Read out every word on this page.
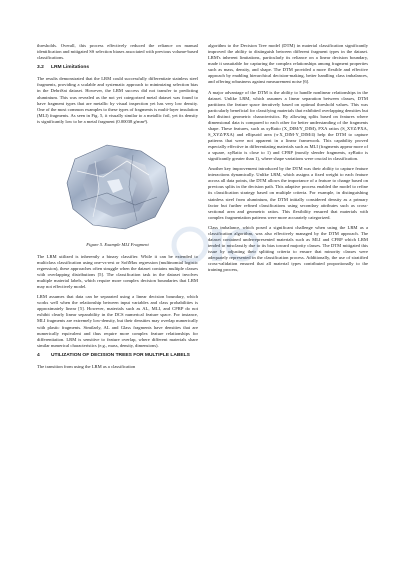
thresholds. Overall, this process effectively reduced the reliance on manual identification and mitigated SS selection biases associated with previous volume-based classifications.

3.2 LRM Limitations

The results demonstrated that the LRM could successfully differentiate stainless steel fragments, providing a scalable and systematic approach to minimizing selection bias in the DebriSat dataset. However, the LRM success did not transfer to predicting aluminium. This was revealed as the not yet categorized metal dataset was found to have fragment types that are metallic by visual inspection yet has very low density. One of the most common examples to these types of fragments is multi-layer insulation (MLI) fragments. As seen in Fig. 5, it visually similar to a metallic foil, yet its density is significantly low to be a metal fragment (0.00038 g/mm³).

Figure 5. Example MLI Fragment

The LRM utilized is inherently a binary classifier. While it can be extended to multiclass classification using one-vs-rest or SoftMax regression (multinomial logistic regression), these approaches often struggle when the dataset contains multiple classes with overlapping distributions [5]. The classification task in the dataset involves multiple material labels, which require more complex decision boundaries that LRM may not effectively model.

LRM assumes that data can be separated using a linear decision boundary, which works well when the relationship between input variables and class probabilities is approximately linear [5]. However, materials such as AL, MLI, and CFRP do not exhibit clearly linear separability in the DCS numerical feature space. For instance, MLI fragments are extremely low-density, but their densities may overlap numerically with plastic fragments. Similarly, AL and Glass fragments have densities that are numerically equivalent and thus require more complex feature relationships for differentiation. LRM is sensitive to feature overlap, where different materials share similar numerical characteristics (e.g., mass, density, dimensions).

4 UTILIZATION OF DECISION TREES FOR MULTIPLE LABELS

The transition from using the LRM as a classification

algorithm to the Decision Tree model (DTM) in material classification significantly improved the ability to distinguish between different fragment types in the dataset. LRM's inherent limitations, particularly its reliance on a linear decision boundary, made it unsuitable for capturing the complex relationships among fragment properties such as mass, density, and shape. The DTM provided a more flexible and effective approach by enabling hierarchical decision-making, better handling class imbalances, and offering robustness against measurement noise [6].

A major advantage of the DTM is the ability to handle nonlinear relationships in the dataset. Unlike LRM, which assumes a linear separation between classes, DTM partitions the feature space iteratively based on optimal threshold values. This was particularly beneficial for classifying materials that exhibited overlapping densities but had distinct geometric characteristics. By allowing splits based on features where dimensional data is compared to each other for better understanding of the fragments shape. These features, such as xyRatio (X_DIM/Y_DIM), PXA ratios (S_XYZ/PXA, S_XYZ/PXA) and ellipsoid area (π·X_DIM·Y_DIM/4) help the DTM to capture patterns that were not apparent in a linear framework. This capability proved especially effective in differentiating materials such as MLI (fragments appear more of a square, xyRatio is close to 1) and CFRP (mostly slender fragments, xyRatio is significantly greater than 1), where shape variations were crucial in classification.

Another key improvement introduced by the DTM was their ability to capture feature interactions dynamically. Unlike LRM, which assigns a fixed weight to each feature across all data points, the DTM allows the importance of a feature to change based on previous splits in the decision path. This adaptive process enabled the model to refine its classification strategy based on multiple criteria. For example, in distinguishing stainless steel from aluminium, the DTM initially considered density as a primary factor but further refined classifications using secondary attributes such as cross-sectional area and geometric ratios. This flexibility ensured that materials with complex fragmentation patterns were more accurately categorized.

Class imbalance, which posed a significant challenge when using the LRM as a classification algorithm, was also effectively managed by the DTM approach. The dataset contained underrepresented materials such as MLI and CFRP which LRM tended to misclassify due to its bias toward majority classes. The DTM mitigated this issue by adjusting their splitting criteria to ensure that minority classes were adequately represented in the classification process. Additionally, the use of stratified cross-validation ensured that all material types contributed proportionally to the training process,
